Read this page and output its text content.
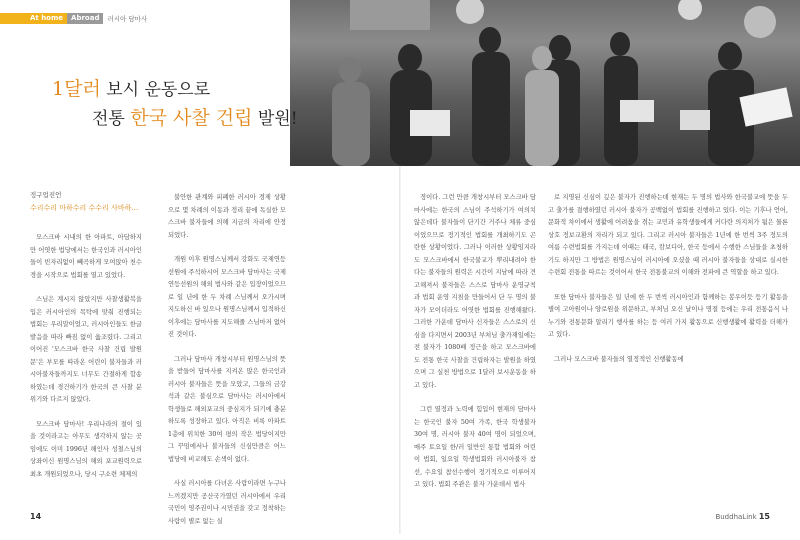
At home	Abroad	러시아 담마사
1달러 보시 운동으로
전통 한국 사찰 건립 발원!
정구업진언
수리수리 마하수리 수수리 사바하…

모스크바 시내의 한 아파트, 아담하지만 어엿한 법당에서는 한국인과 러시아인들이 빈자리없이 빼곡하게 모여앉아 천수경을 시작으로 법회를 열고 있었다.

스님은 계시지 않았지만 사찰생활복을 입은 러시아인의 목탁에 맞춰 진행되는 법회는 우리말이었고, 러시아인들도 한글발음을 따라 빠짐 없이 읊조렸다. 그리고 이어진 '모스크바 한국 사찰 건립 발원문'은 부모를 따라온 어린이 불자들과 러시아불자들까지도 너무도 간절하게 합송하였는데 경건하기가 한국의 큰 사찰 분위기와 다르지 않았다.

모스크바 담마사! 우리나라의 절이 있을 것이라고는 아무도 생각하지 않는 곳임에도 이미 1996년 해인사 성철스님의 상좌이신 원명스님의 해외 포교원력으로 최초 개원되었으나, 당시 구소련 체제의

불안한 관계와 피폐한 러시아 경제 상황으로 몇 차례의 이동과 정리 끝에 독실한 모스크바 불자들에 의해 지금의 자리에 안정되었다.

개원 이후 원명스님께서 강화도 국제연등선원에 주석하시어 모스크바 담마사는 국제 연등선원의 해외 법사와 같은 입장이었으므로 일 년에 한 두 차례 스님께서 오가시며 지도하신 바 있으나 원명스님께서 입적하신 이후에는 담마사를 지도해줄 스님마저 없어진 것이다.

그러나 담마사 개창시부터 원명스님의 뜻을 받들어 담마사를 지켜온 많은 한국인과 러시아 불자들은 뜻을 모았고, 그들의 금강석과 같은 불심으로 담마사는 러시아에서 학생들로 해외포교의 중심지가 되기에 충분하도록 성장하고 있다. 아직은 비록 아파트 1층에 위치한 30여 평의 작은 법당이지만 그 꾸밈에서나 불자들의 신심만큼은 어느 법당에 비교해도 손색이 없다.

사실 러시아를 다녀온 사람이라면 누구나 느끼겠지만 공산국가였던 러시아에서 우리 국민이 영주권이나 시민권을 갖고 정착하는 사람이 별로 없는 실

정이다. 그런 만큼 개창시부터 모스크바 담마사에는 한국의 스님이 주석하기가 여의치 않은데다 불자들이 단기간 거주나 체류 중심이었으므로 정기적인 법회를 개최하기도 곤란한 상황이었다. 그러나 이러한 상황임지라도 모스크바에서 한국불교가 뿌리내려야 한다는 불자들의 원력은 시간이 지남에 따라 견고해져서 불자들은 스스로 담마사 운영규칙과 법회 운영 지침을 만들어서 단 두 명의 불자가 모이더라도 어엿한 법회를 진행해왔다. 그러한 가운데 담마사 신자들은 스스로의 신심을 다지면서 2003년 부처님 출가재일에는 전 불자가 1080배 정근을 하고 모스크바에도 전통 한국 사찰을 건립하자는 발원을 하였으며 그 실천 방법으로 1달러 보시운동을 하고 있다.

그런 열정과 노력에 힘입어 현재의 담마사는 한국인 불자 50여 가족, 한국 학생불자 30여 명, 러시아 불자 40여 명이 되었으며, 매주 토요일 한/러 일반인 통합 법회와 어린이 법회, 일요일 학생법회와 러시아불자 참선, 수요일 참선수행이 정기적으로 이루어지고 있다. 법회 주관은 불자 가운데서 법사

로 지명된 신심이 깊은 불자가 진행하는데 현재는 두 명의 법사와 한국불교에 뜻을 두고 출가를 결행하였던 러시아 불자가 공백없이 법회를 진행하고 있다. 이는 기후나 언어, 문화적 차이에서 생활에 어려움을 겪는 교민과 유학생들에게 커다란 의지처가 됨은 물론 상호 정보교환의 자리가 되고 있다. 그리고 러시아 불자들은 1년에 한 번씩 3주 정도의 여름 수련법회를 가지는데 이때는 태국, 캄보디아, 한국 등에서 수행한 스님들을 초청하기도 하지만 그 방법은 원명스님이 러시아에 오셨을 때 러시아 불자들을 상대로 실시한 수련회 전통을 따르는 것이어서 한국 전통불교의 이해와 전파에 큰 역할을 하고 있다.

또한 담마사 불자들은 일 년에 한 두 번씩 러시아인과 함께하는 봉우이듯 등기 활동을 별여 고아원이나 양로원을 위문하고, 부처님 오신 날이나 명절 등에는 우리 전통음식 나누기와 전통문화 알리기 행사를 하는 등 여러 가지 활동으로 신행생활에 활력을 더해가고 있다.

그러나 모스크바 불자들의 열정적인 신행활동에

14	BuddhaLink 15
